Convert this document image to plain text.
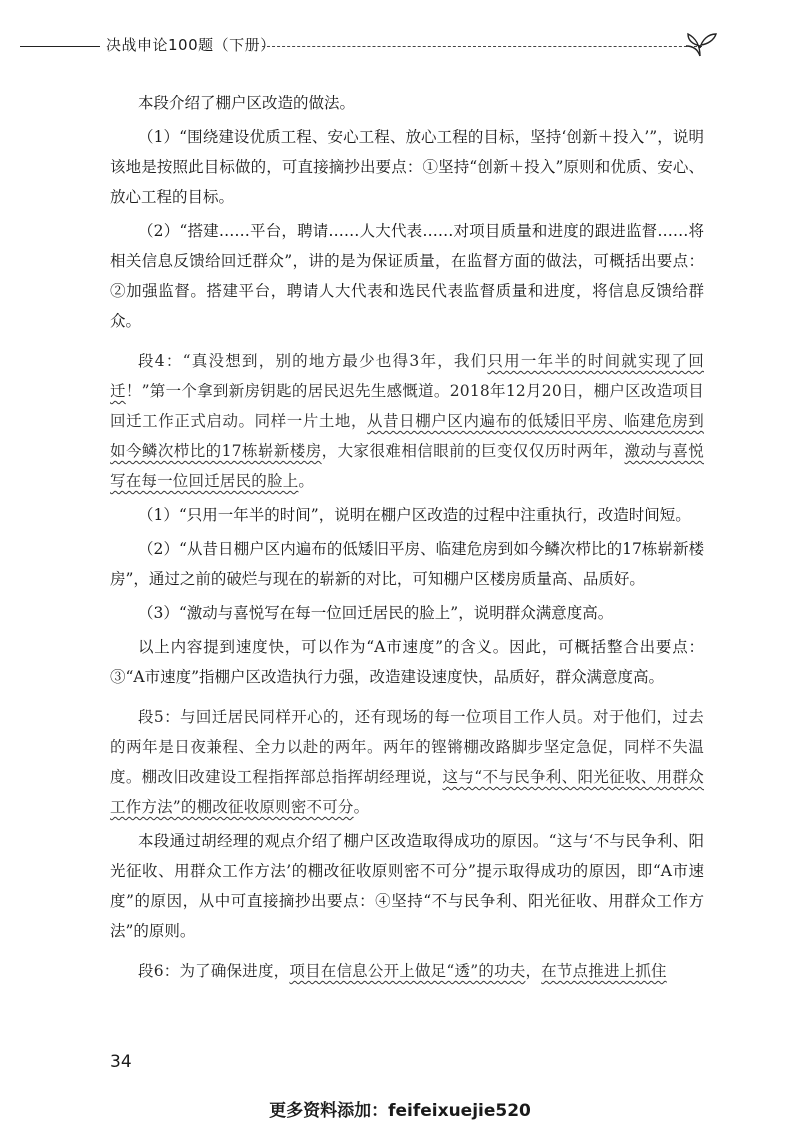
决战申论100题（下册）

本段介绍了棚户区改造的做法。

（1）“围绕建设优质工程、安心工程、放心工程的目标，坚持‘创新＋投入’”，说明该地是按照此目标做的，可直接摘抄出要点：①坚持“创新＋投入”原则和优质、安心、放心工程的目标。

（2）“搭建……平台，聘请……人大代表……对项目质量和进度的跟进监督……将相关信息反馈给回迁群众”，讲的是为保证质量，在监督方面的做法，可概括出要点：②加强监督。搭建平台，聘请人大代表和选民代表监督质量和进度，将信息反馈给群众。

段4：“真没想到，别的地方最少也得3年，我们只用一年半的时间就实现了回迁！”第一个拿到新房钥匙的居民迟先生感慨道。2018年12月20日，棚户区改造项目回迁工作正式启动。同样一片土地，从昔日棚户区内遍布的低矮旧平房、临建危房到如今鳞次栉比的17栋崭新楼房，大家很难相信眼前的巨变仅仅历时两年，激动与喜悦写在每一位回迁居民的脸上。

（1）“只用一年半的时间”，说明在棚户区改造的过程中注重执行，改造时间短。

（2）“从昔日棚户区内遍布的低矮旧平房、临建危房到如今鳞次栉比的17栋崭新楼房”，通过之前的破烂与现在的崭新的对比，可知棚户区楼房质量高、品质好。

（3）“激动与喜悦写在每一位回迁居民的脸上”，说明群众满意度高。

以上内容提到速度快，可以作为“A市速度”的含义。因此，可概括整合出要点：③“A市速度”指棚户区改造执行力强，改造建设速度快，品质好，群众满意度高。

段5：与回迁居民同样开心的，还有现场的每一位项目工作人员。对于他们，过去的两年是日夜兼程、全力以赴的两年。两年的铿锵棚改路脚步坚定急促，同样不失温度。棚改旧改建设工程指挥部总指挥胡经理说，这与“不与民争利、阳光征收、用群众工作方法”的棚改征收原则密不可分。

本段通过胡经理的观点介绍了棚户区改造取得成功的原因。“这与‘不与民争利、阳光征收、用群众工作方法’的棚改征收原则密不可分”提示取得成功的原因，即“A市速度”的原因，从中可直接摘抄出要点：④坚持“不与民争利、阳光征收、用群众工作方法”的原则。

段6：为了确保进度，项目在信息公开上做足“透”的功夫，在节点推进上抓住

34
更多资料添加：feifeixuejie520
